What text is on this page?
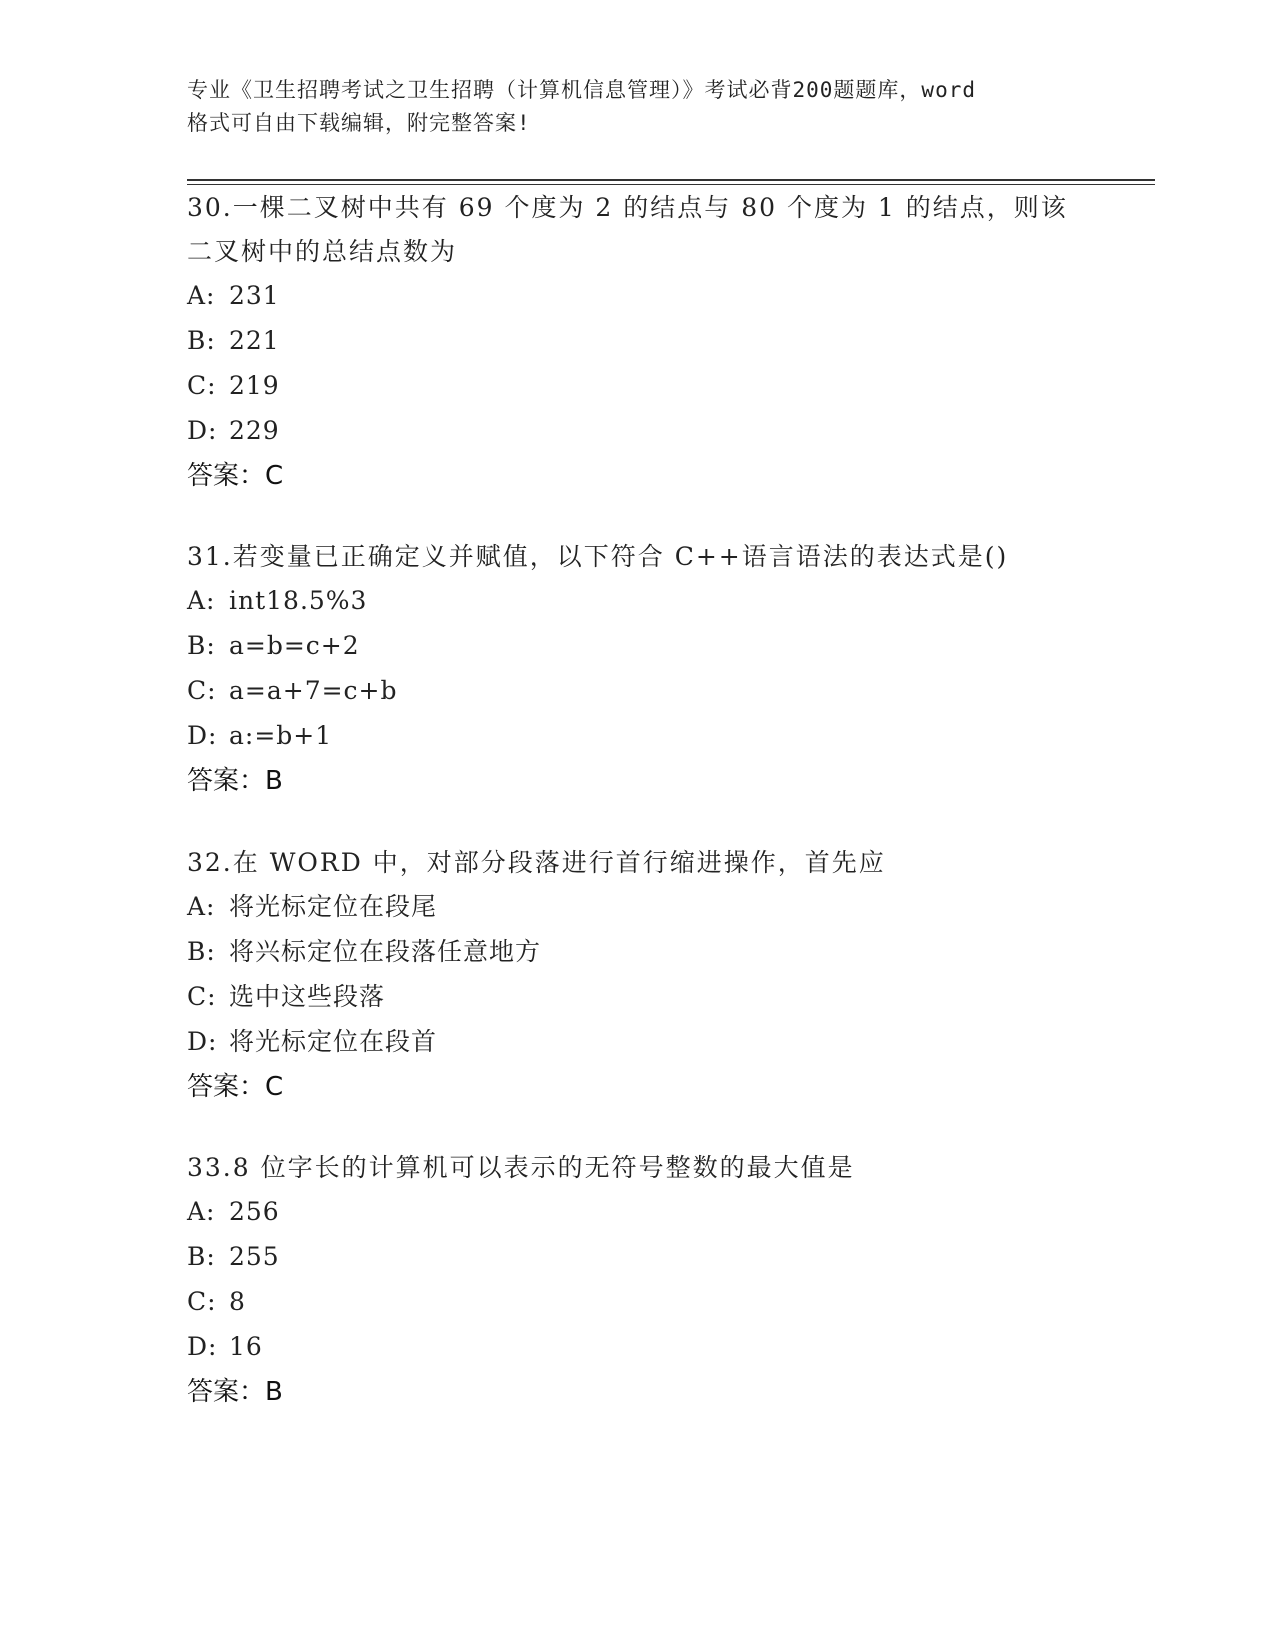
专业《卫生招聘考试之卫生招聘（计算机信息管理）》考试必背200题题库，word
格式可自由下载编辑，附完整答案!
30.一棵二叉树中共有 69 个度为 2 的结点与 80 个度为 1 的结点，则该
二叉树中的总结点数为
A: 231
B: 221
C: 219
D: 229
答案：C
31.若变量已正确定义并赋值，以下符合 C++语言语法的表达式是()
A: int18.5%3
B: a=b=c+2
C: a=a+7=c+b
D: a:=b+1
答案：B
32.在 WORD 中，对部分段落进行首行缩进操作，首先应
A: 将光标定位在段尾
B: 将兴标定位在段落任意地方
C: 选中这些段落
D: 将光标定位在段首
答案：C
33.8 位字长的计算机可以表示的无符号整数的最大值是
A: 256
B: 255
C: 8
D: 16
答案：B
